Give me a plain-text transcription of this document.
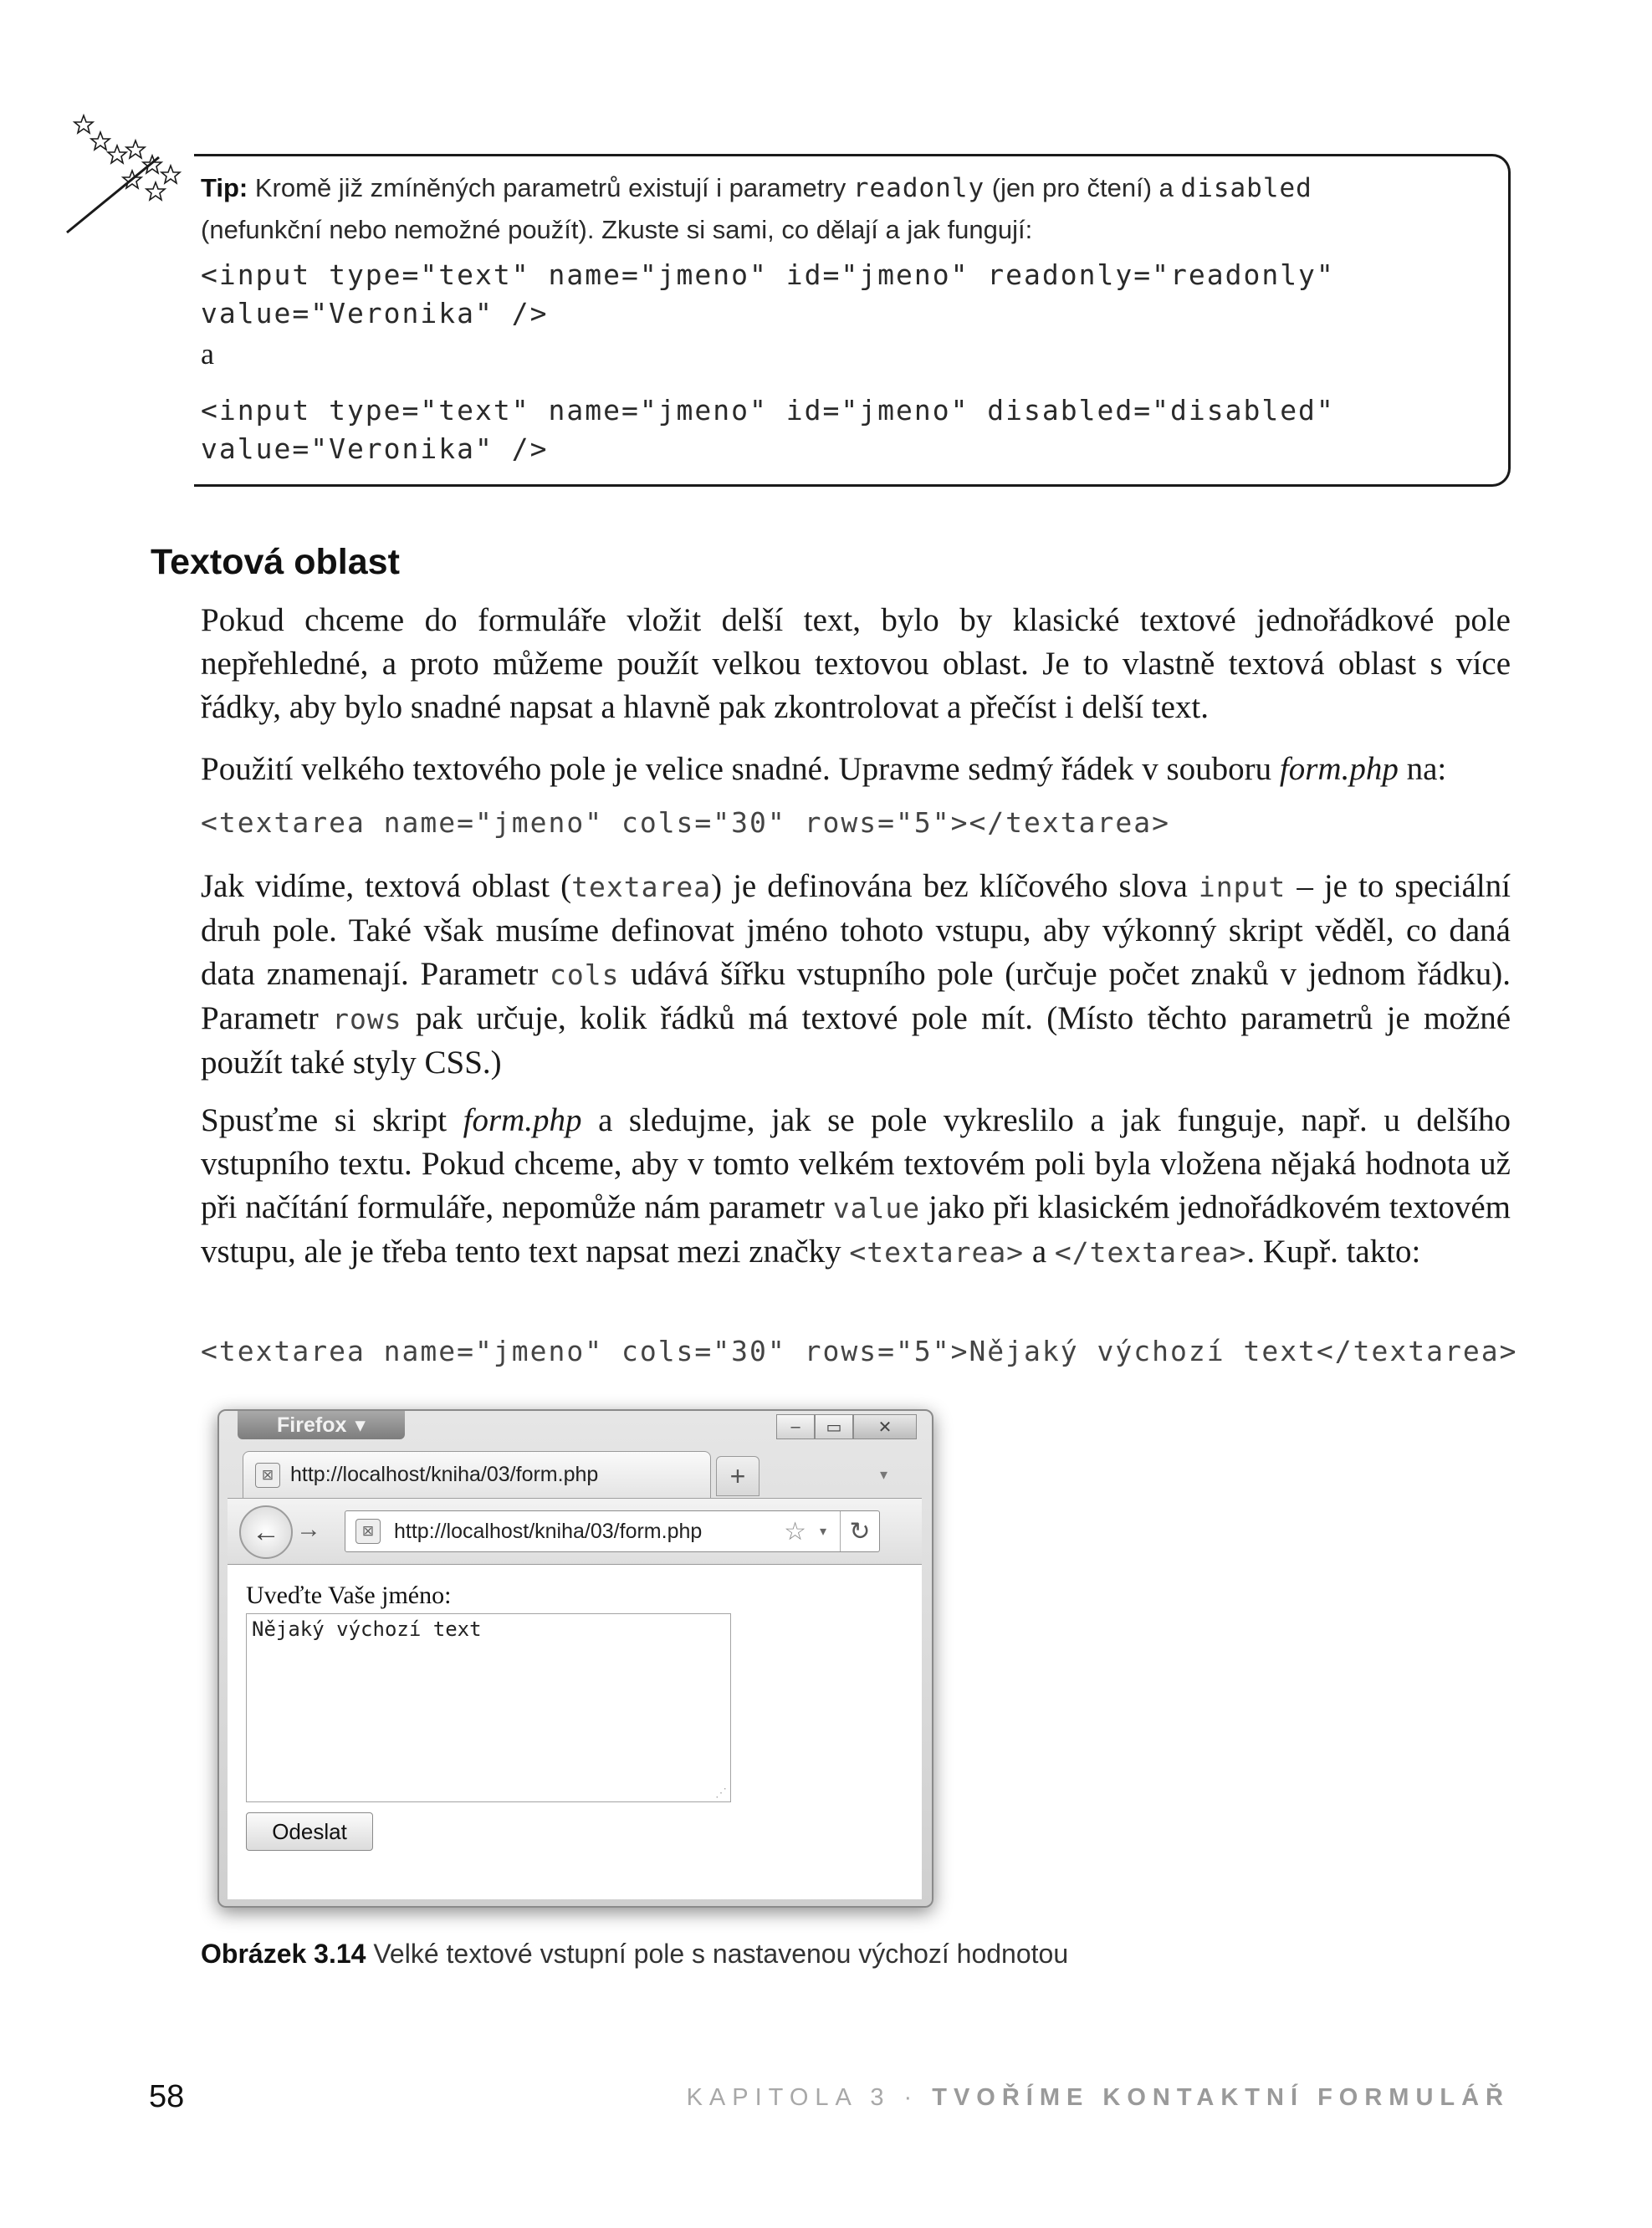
Tip: Kromě již zmíněných parametrů existují i parametry readonly (jen pro čtení) a disabled
(nefunkční nebo nemožné použít). Zkuste si sami, co dělají a jak fungují:
<input type="text" name="jmeno" id="jmeno" readonly="readonly"
value="Veronika" />
a
<input type="text" name="jmeno" id="jmeno" disabled="disabled"
value="Veronika" />
Textová oblast
Pokud chceme do formuláře vložit delší text, bylo by klasické textové jednořádkové pole nepřehledné, a proto můžeme použít velkou textovou oblast. Je to vlastně textová oblast s více řádky, aby bylo snadné napsat a hlavně pak zkontrolovat a přečíst i delší text.
Použití velkého textového pole je velice snadné. Upravme sedmý řádek v souboru form.php na:
<textarea name="jmeno" cols="30" rows="5"></textarea>
Jak vidíme, textová oblast (textarea) je definována bez klíčového slova input – je to speciální druh pole. Také však musíme definovat jméno tohoto vstupu, aby výkonný skript věděl, co daná data znamenají. Parametr cols udává šířku vstupního pole (určuje počet znaků v jednom řádku). Parametr rows pak určuje, kolik řádků má textové pole mít. (Místo těchto parametrů je možné použít také styly CSS.)
Spusťme si skript form.php a sledujme, jak se pole vykreslilo a jak funguje, např. u delšího vstupního textu. Pokud chceme, aby v tomto velkém textovém poli byla vložena nějaká hodnota už při načítání formuláře, nepomůže nám parametr value jako při klasickém jednořádkovém textovém vstupu, ale je třeba tento text napsat mezi značky <textarea> a </textarea>. Kupř. takto:
<textarea name="jmeno" cols="30" rows="5">Nějaký výchozí text</textarea>
Firefox ▾	–	▭	✕
⊠ http://localhost/kniha/03/form.php	+	▾
← →	⊠ http://localhost/kniha/03/form.php	☆ ▾ ↻
Uveďte Vaše jméno:
Nějaký výchozí text
⋰
Odeslat
Obrázek 3.14 Velké textové vstupní pole s nastavenou výchozí hodnotou
58	KAPITOLA 3 · TVOŘÍME KONTAKTNÍ FORMULÁŘ
